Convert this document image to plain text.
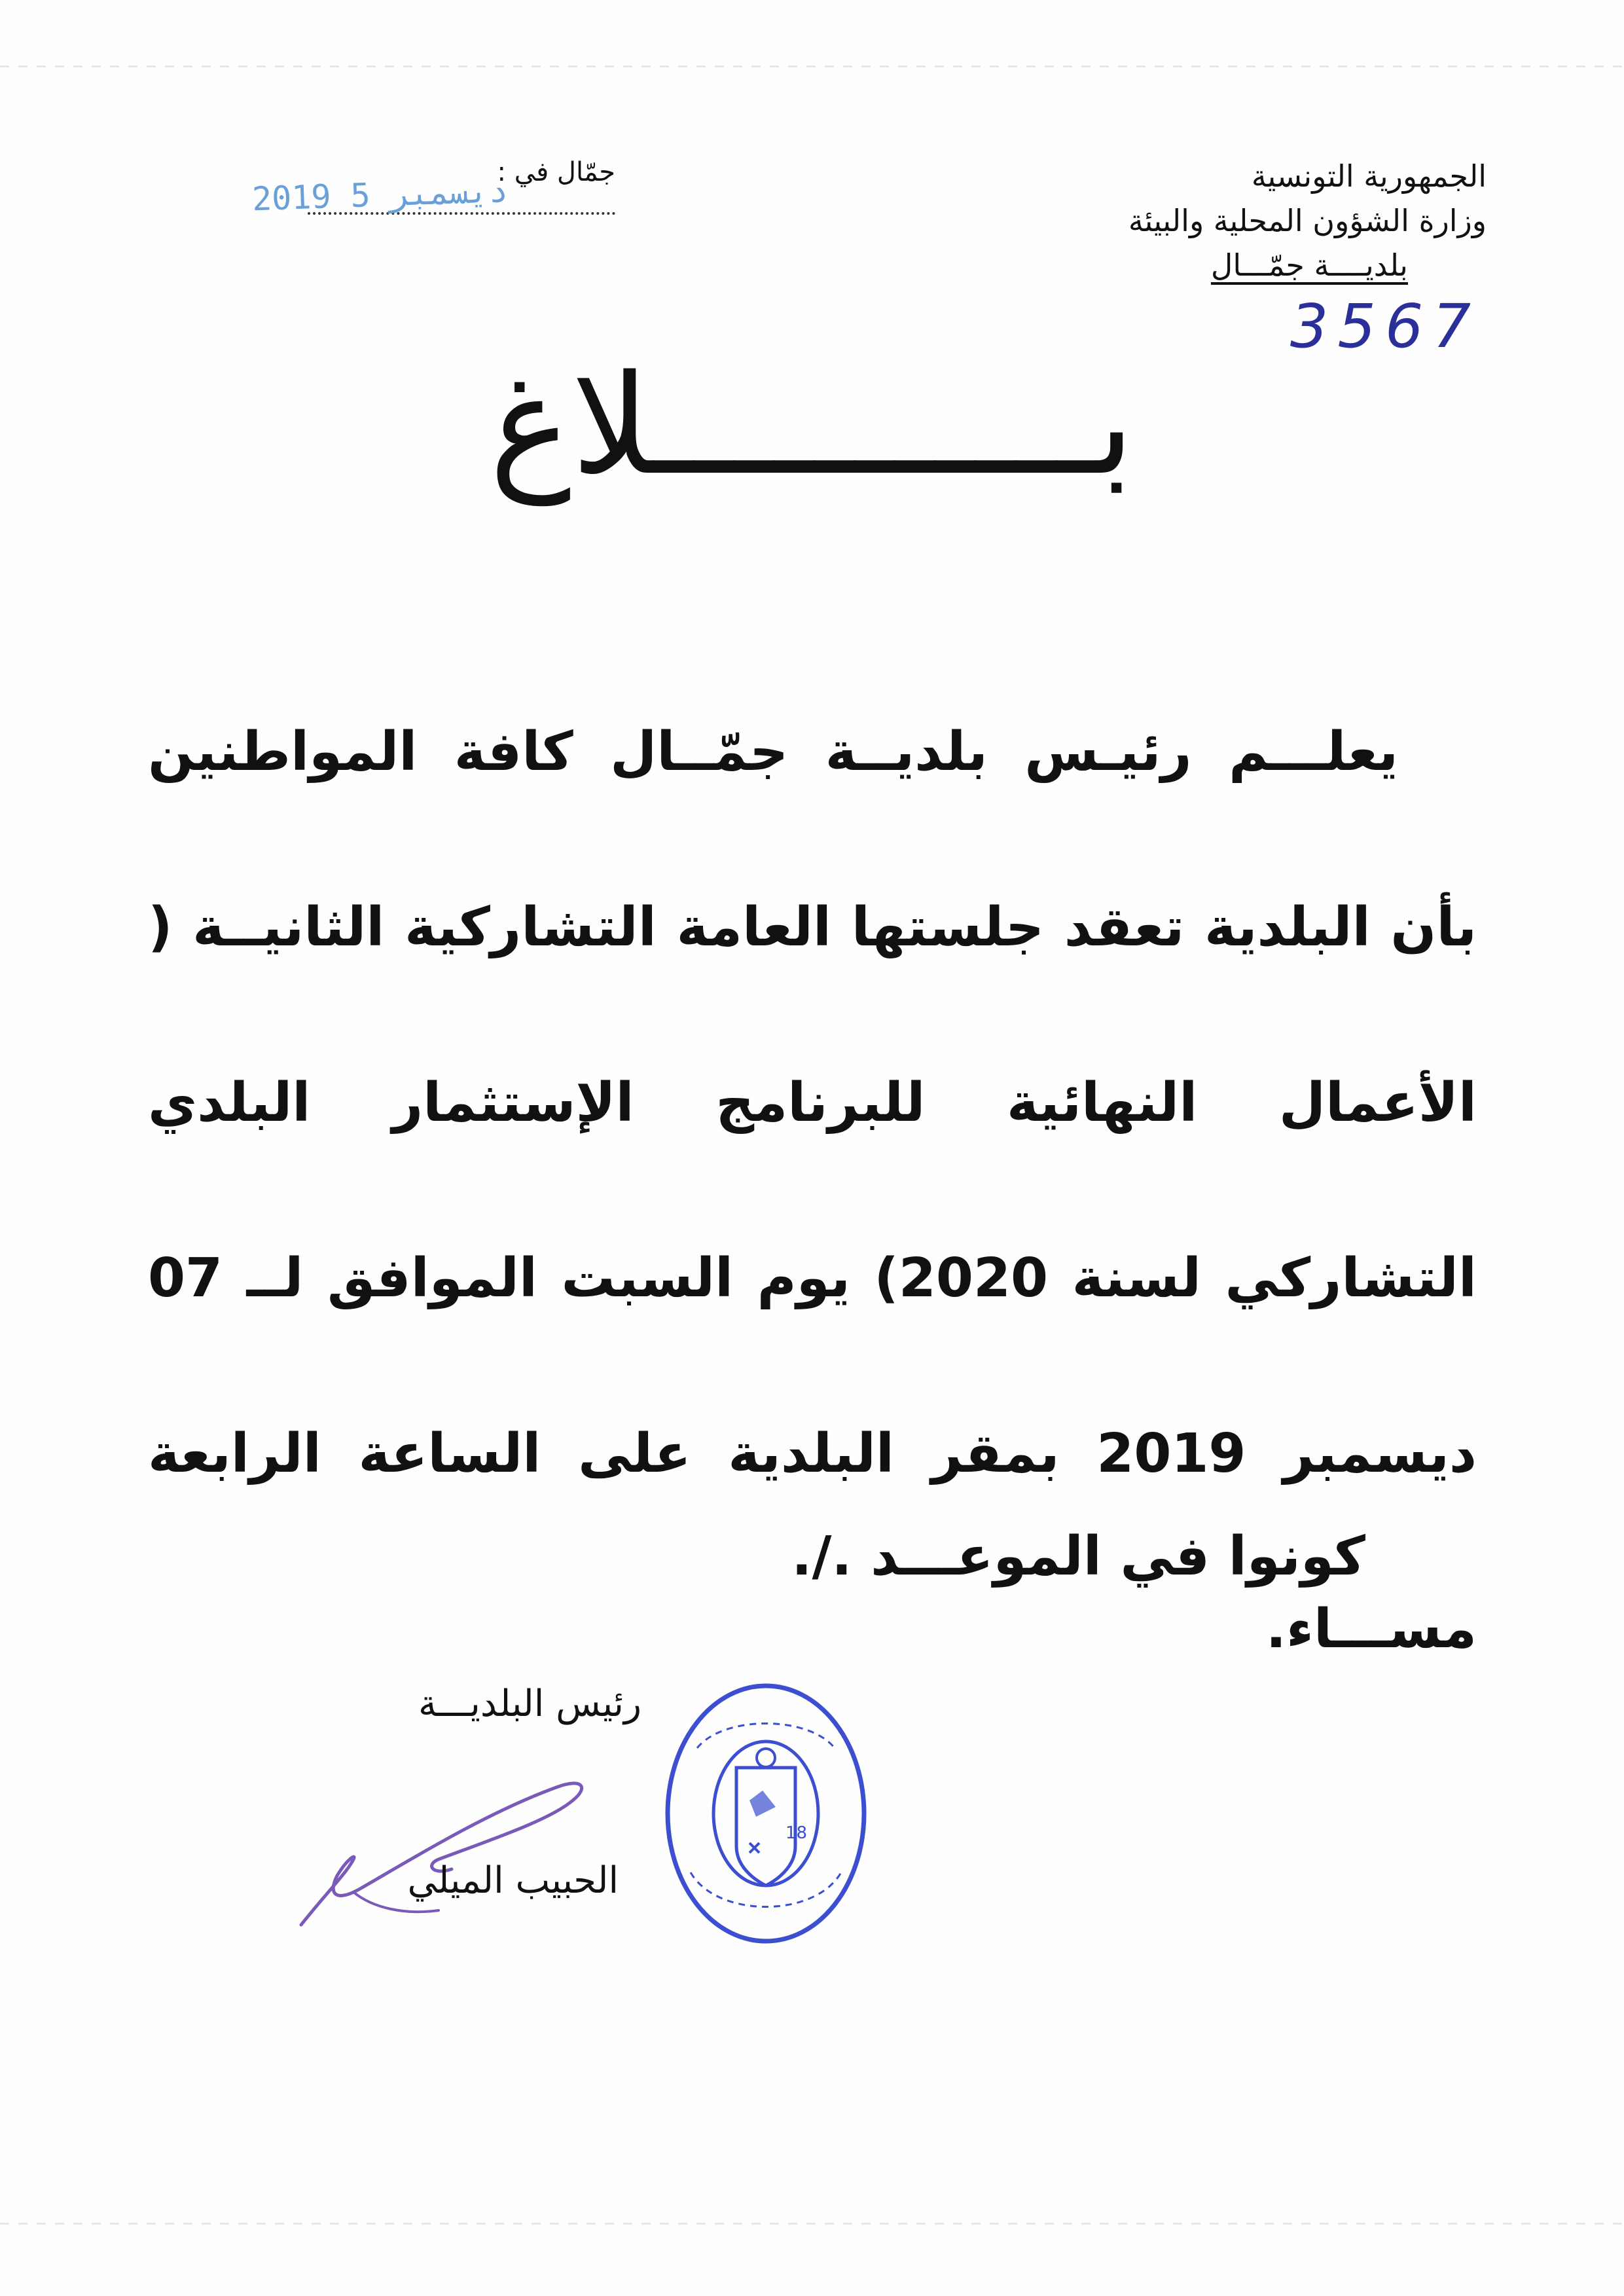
الجمهورية التونسية
وزارة الشؤون المحلية والبيئة
بلديــــة جمّـــال
3567
جمّال في :
2019 ديسمبر 5
بـــــــــــلاغ
يعلـــم رئيـس بلديــة جمّــال كافة المواطنين بأن البلدية تعقد جلستها العامة التشاركية الثانيــة ( الأعمال النهائية للبرنامج الإستثمار البلدي التشاركي لسنة 2020) يوم السبت الموافق لــ 07 ديسمبر 2019 بمقر البلدية على الساعة الرابعة مســـاء.
كونوا في الموعـــد ./.
رئيس البلديـــة
الحبيب الميلي
18
